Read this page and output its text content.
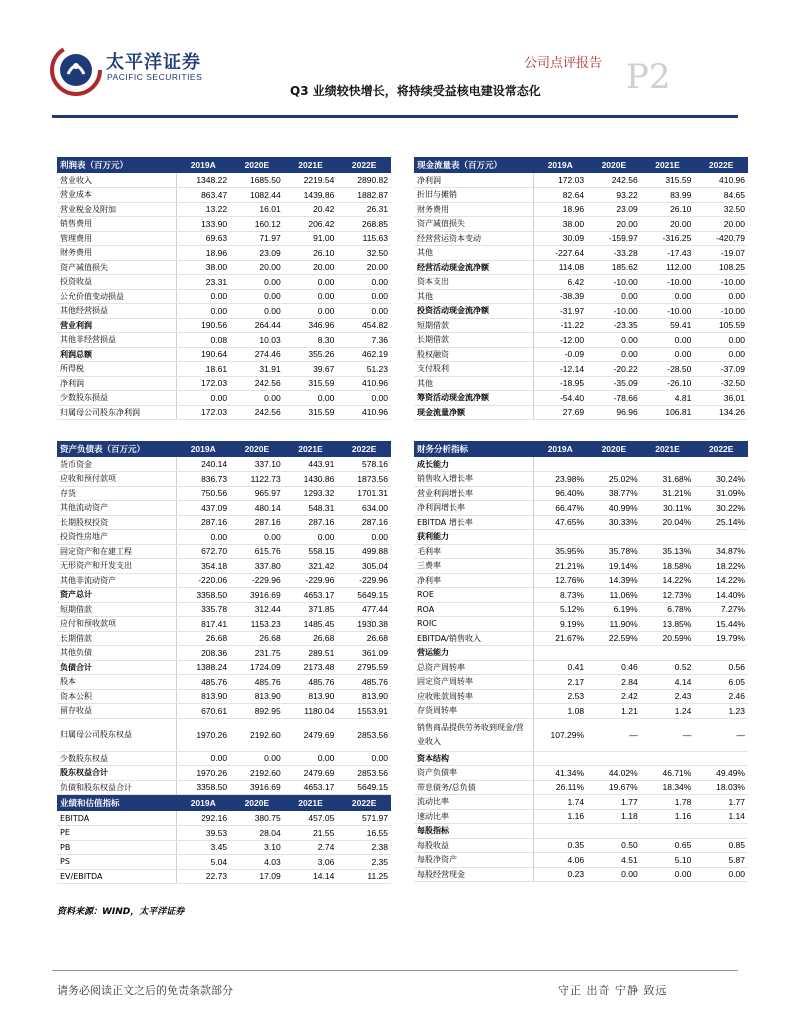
太平洋证券
PACIFIC SECURITIES
公司点评报告 P2
Q3 业绩较快增长，将持续受益核电建设常态化
利润表（百万元）	2019A	2020E	2021E	2022E
营业收入	1348.22	1685.50	2219.54	2890.82
营业成本	863.47	1082.44	1439.86	1882.87
营业税金及附加	13.22	16.01	20.42	26.31
销售费用	133.90	160.12	206.42	268.85
管理费用	69.63	71.97	91.00	115.63
财务费用	18.96	23.09	26.10	32.50
资产减值损失	38.00	20.00	20.00	20.00
投资收益	23.31	0.00	0.00	0.00
公允价值变动损益	0.00	0.00	0.00	0.00
其他经营损益	0.00	0.00	0.00	0.00
营业利润	190.56	264.44	346.96	454.82
其他非经营损益	0.08	10.03	8.30	7.36
利润总额	190.64	274.46	355.26	462.19
所得税	18.61	31.91	39.67	51.23
净利润	172.03	242.56	315.59	410.96
少数股东损益	0.00	0.00	0.00	0.00
归属母公司股东净利润	172.03	242.56	315.59	410.96
现金流量表（百万元）	2019A	2020E	2021E	2022E
净利润	172.03	242.56	315.59	410.96
折旧与摊销	82.64	93.22	83.99	84.65
财务费用	18.96	23.09	26.10	32.50
资产减值损失	38.00	20.00	20.00	20.00
经营营运资本变动	30.09	-159.97	-316.25	-420.79
其他	-227.64	-33.28	-17.43	-19.07
经营活动现金流净额	114.08	185.62	112.00	108.25
资本支出	6.42	-10.00	-10.00	-10.00
其他	-38.39	0.00	0.00	0.00
投资活动现金流净额	-31.97	-10.00	-10.00	-10.00
短期借款	-11.22	-23.35	59.41	105.59
长期借款	-12.00	0.00	0.00	0.00
股权融资	-0.09	0.00	0.00	0.00
支付股利	-12.14	-20.22	-28.50	-37.09
其他	-18.95	-35.09	-26.10	-32.50
筹资活动现金流净额	-54.40	-78.66	4.81	36.01
现金流量净额	27.69	96.96	106.81	134.26
资产负债表（百万元）	2019A	2020E	2021E	2022E
货币资金	240.14	337.10	443.91	578.16
应收和预付款项	836.73	1122.73	1430.86	1873.56
存货	750.56	965.97	1293.32	1701.31
其他流动资产	437.09	480.14	548.31	634.00
长期股权投资	287.16	287.16	287.16	287.16
投资性房地产	0.00	0.00	0.00	0.00
固定资产和在建工程	672.70	615.76	558.15	499.88
无形资产和开发支出	354.18	337.80	321.42	305.04
其他非流动资产	-220.06	-229.96	-229.96	-229.96
资产总计	3358.50	3916.69	4653.17	5649.15
短期借款	335.78	312.44	371.85	477.44
应付和预收款项	817.41	1153.23	1485.45	1930.38
长期借款	26.68	26.68	26.68	26.68
其他负债	208.36	231.75	289.51	361.09
负债合计	1388.24	1724.09	2173.48	2795.59
股本	485.76	485.76	485.76	485.76
资本公积	813.90	813.90	813.90	813.90
留存收益	670.61	892.95	1180.04	1553.91
归属母公司股东权益	1970.26	2192.60	2479.69	2853.56
少数股东权益	0.00	0.00	0.00	0.00
股东权益合计	1970.26	2192.60	2479.69	2853.56
负债和股东权益合计	3358.50	3916.69	4653.17	5649.15
财务分析指标	2019A	2020E	2021E	2022E
成长能力				
销售收入增长率	23.98%	25.02%	31.68%	30.24%
营业利润增长率	96.40%	38.77%	31.21%	31.09%
净利润增长率	66.47%	40.99%	30.11%	30.22%
EBITDA 增长率	47.65%	30.33%	20.04%	25.14%
获利能力				
毛利率	35.95%	35.78%	35.13%	34.87%
三费率	21.21%	19.14%	18.58%	18.22%
净利率	12.76%	14.39%	14.22%	14.22%
ROE	8.73%	11.06%	12.73%	14.40%
ROA	5.12%	6.19%	6.78%	7.27%
ROIC	9.19%	11.90%	13.85%	15.44%
EBITDA/销售收入	21.67%	22.59%	20.59%	19.79%
营运能力				
总资产周转率	0.41	0.46	0.52	0.56
固定资产周转率	2.17	2.84	4.14	6.05
应收账款周转率	2.53	2.42	2.43	2.46
存货周转率	1.08	1.21	1.24	1.23
销售商品提供劳务收到现金/营业收入	107.29%	—	—	—
资本结构				
资产负债率	41.34%	44.02%	46.71%	49.49%
带息债务/总负债	26.11%	19.67%	18.34%	18.03%
流动比率	1.74	1.77	1.78	1.77
速动比率	1.16	1.18	1.16	1.14
每股指标				
每股收益	0.35	0.50	0.65	0.85
每股净资产	4.06	4.51	5.10	5.87
每股经营现金	0.23	0.00	0.00	0.00
业绩和估值指标	2019A	2020E	2021E	2022E
EBITDA	292.16	380.75	457.05	571.97
PE	39.53	28.04	21.55	16.55
PB	3.45	3.10	2.74	2.38
PS	5.04	4.03	3.06	2.35
EV/EBITDA	22.73	17.09	14.14	11.25
资料来源：WIND，太平洋证券
请务必阅读正文之后的免责条款部分	守正 出奇 宁静 致远
